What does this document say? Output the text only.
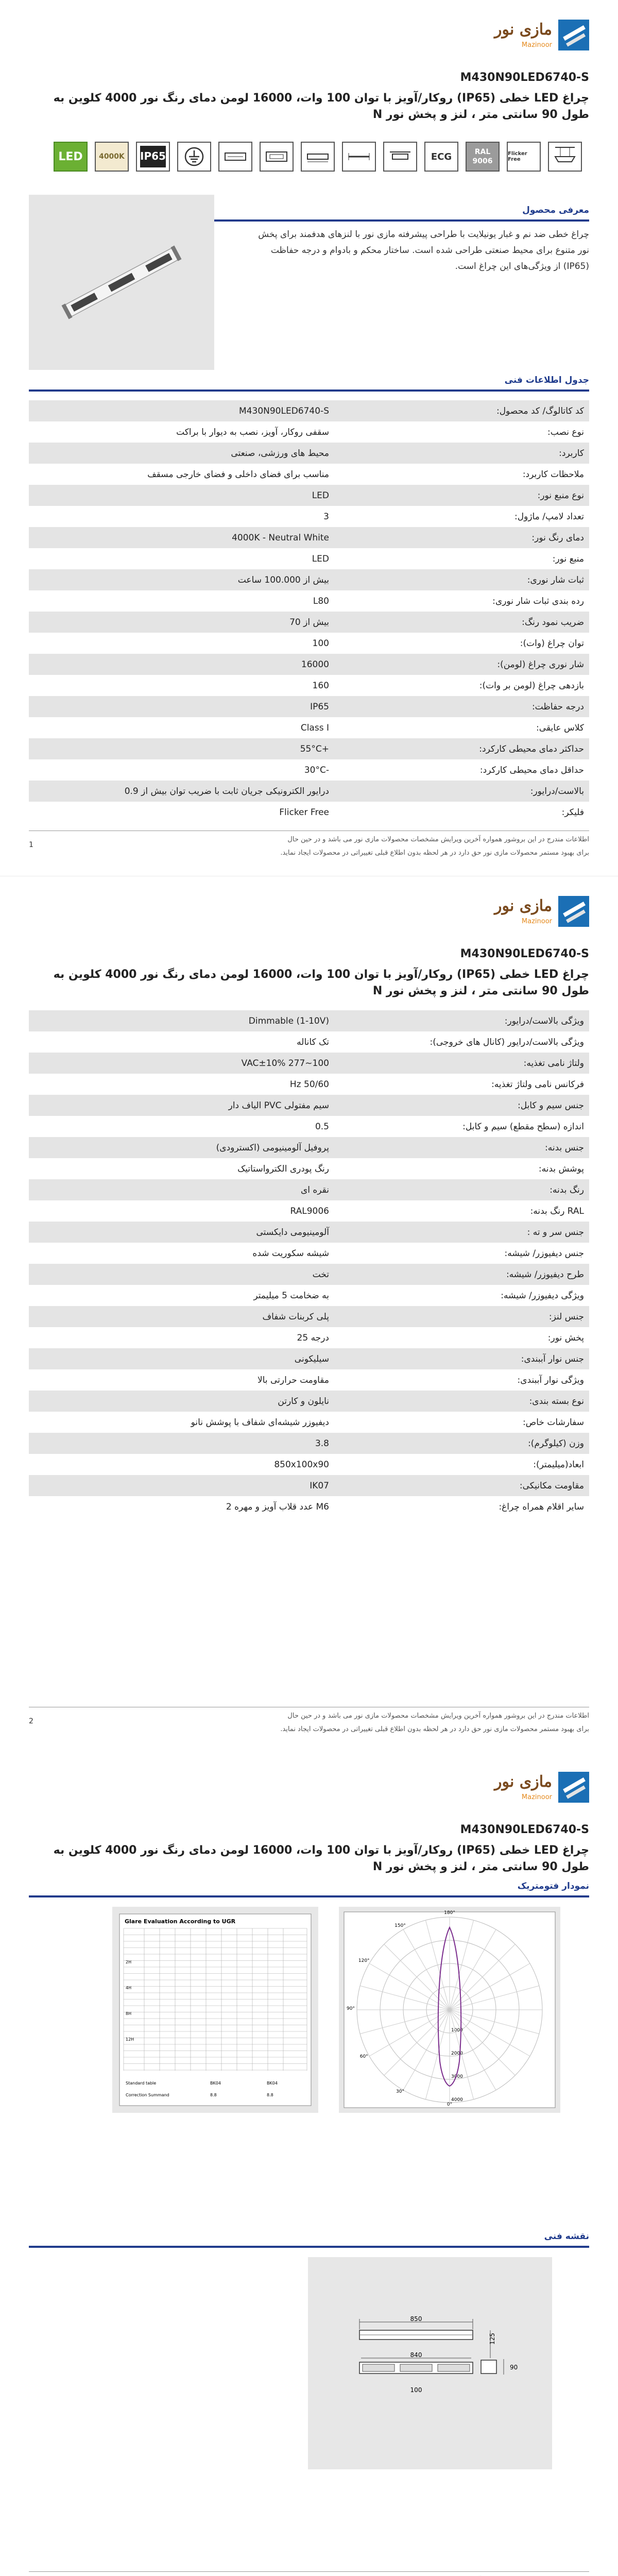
مازی نور
Mazinoor
M430N90LED6740-S
چراغ LED خطی (IP65) روکار/آویز با توان 100 وات، 16000 لومن دمای رنگ نور 4000 کلوین به طول 90 سانتی متر ، لنز و پخش نور N
LED	4000K	IP65	ECG	RAL 9006
Flicker Free
معرفی محصول
چراغ خطی ضد نم و غبار یونیلایت با طراحی پیشرفته مازی نور با لنزهای هدفمند برای پخش نور متنوع برای محیط صنعتی طراحی شده است. ساختار محکم و بادوام و درجه حفاظت (IP65) از ویژگی‌های این چراغ است.
جدول اطلاعات فنی
کد کاتالوگ/ کد محصول:	M430N90LED6740-S
نوع نصب:	سقفی روکار، آویز، نصب به دیوار با براکت
کاربرد:	محیط های ورزشی، صنعتی
ملاحظات کاربرد:	مناسب برای فضای داخلی و فضای خارجی مسقف
نوع منبع نور:	LED
تعداد لامپ/ ماژول:	3
دمای رنگ نور:	4000K - Neutral White
منبع نور:	LED
ثبات شار نوری:	بیش از 100.000 ساعت
رده بندی ثبات شار نوری:	L80
ضریب نمود رنگ:	بیش از 70
توان چراغ (وات):	100
شار نوری چراغ (لومن):	16000
بازدهی چراغ (لومن بر وات):	160
درجه حفاظت:	IP65
کلاس عایقی:	Class I
حداکثر دمای محیطی کارکرد:	+55°C
حداقل دمای محیطی کارکرد:	-30°C
بالاست/درایور:	درایور الکترونیکی جریان ثابت با ضریب توان بیش از 0.9
فلیکر:	Flicker Free
اطلاعات مندرج در این بروشور همواره آخرین ویرایش مشخصات محصولات مازی نور می باشد و در حین حال
برای بهبود مستمر محصولات مازی نور حق دارد در هر لحظه بدون اطلاع قبلی تغییراتی در محصولات ایجاد نماید.
1
مازی نور
Mazinoor
M430N90LED6740-S
چراغ LED خطی (IP65) روکار/آویز با توان 100 وات، 16000 لومن دمای رنگ نور 4000 کلوین به طول 90 سانتی متر ، لنز و پخش نور N
ویژگی بالاست/درایور:	Dimmable (1-10V)
ویژگی بالاست/درایور (کانال های خروجی):	تک کاناله
ولتاژ نامی تغذیه:	100~277 VAC±10%
فرکانس نامی ولتاژ تغذیه:	50/60 Hz
جنس سیم و کابل:	سیم مفتولی PVC الیاف دار
اندازه (سطح مقطع) سیم و کابل:	0.5
جنس بدنه:	پروفیل آلومینیومی (اکسترودی)
پوشش بدنه:	رنگ پودری الکترواستاتیک
رنگ بدنه:	نقره ای
RAL رنگ بدنه:	RAL9006
جنس سر و ته :	آلومینیومی دایکستی
جنس دیفیوزر/ شیشه:	شیشه سکوریت شده
طرح دیفیوزر/ شیشه:	تخت
ویژگی دیفیوزر/ شیشه:	به ضخامت 5 میلیمتر
جنس لنز:	پلی کربنات شفاف
پخش نور:	درجه 25
جنس نوار آببندی:	سیلیکونی
ویژگی نوار آببندی:	مقاومت حرارتی بالا
نوع بسته بندی:	نایلون و کارتن
سفارشات خاص:	دیفیوزر شیشه‌ای شفاف با پوشش نانو
وزن (کیلوگرم):	3.8
ابعاد(میلیمتر):	850x100x90
مقاومت مکانیکی:	IK07
سایر اقلام همراه چراغ:	M6 عدد قلاب آویز و مهره 2
اطلاعات مندرج در این بروشور همواره آخرین ویرایش مشخصات محصولات مازی نور می باشد و در حین حال
برای بهبود مستمر محصولات مازی نور حق دارد در هر لحظه بدون اطلاع قبلی تغییراتی در محصولات ایجاد نماید.
2
مازی نور
Mazinoor
M430N90LED6740-S
چراغ LED خطی (IP65) روکار/آویز با توان 100 وات، 16000 لومن دمای رنگ نور 4000 کلوین به طول 90 سانتی متر ، لنز و پخش نور N
نمودار فتومتریک
Glare Evaluation According to UGR
2H
4H
8H
12H
Standard table
Correction Summand
BK04	BK04
8.8	8.8
1000
2000
3000
4000
180°
150°
120°
90°
60°
30°
0°
نقشه فنی
850
840
100
90
125
